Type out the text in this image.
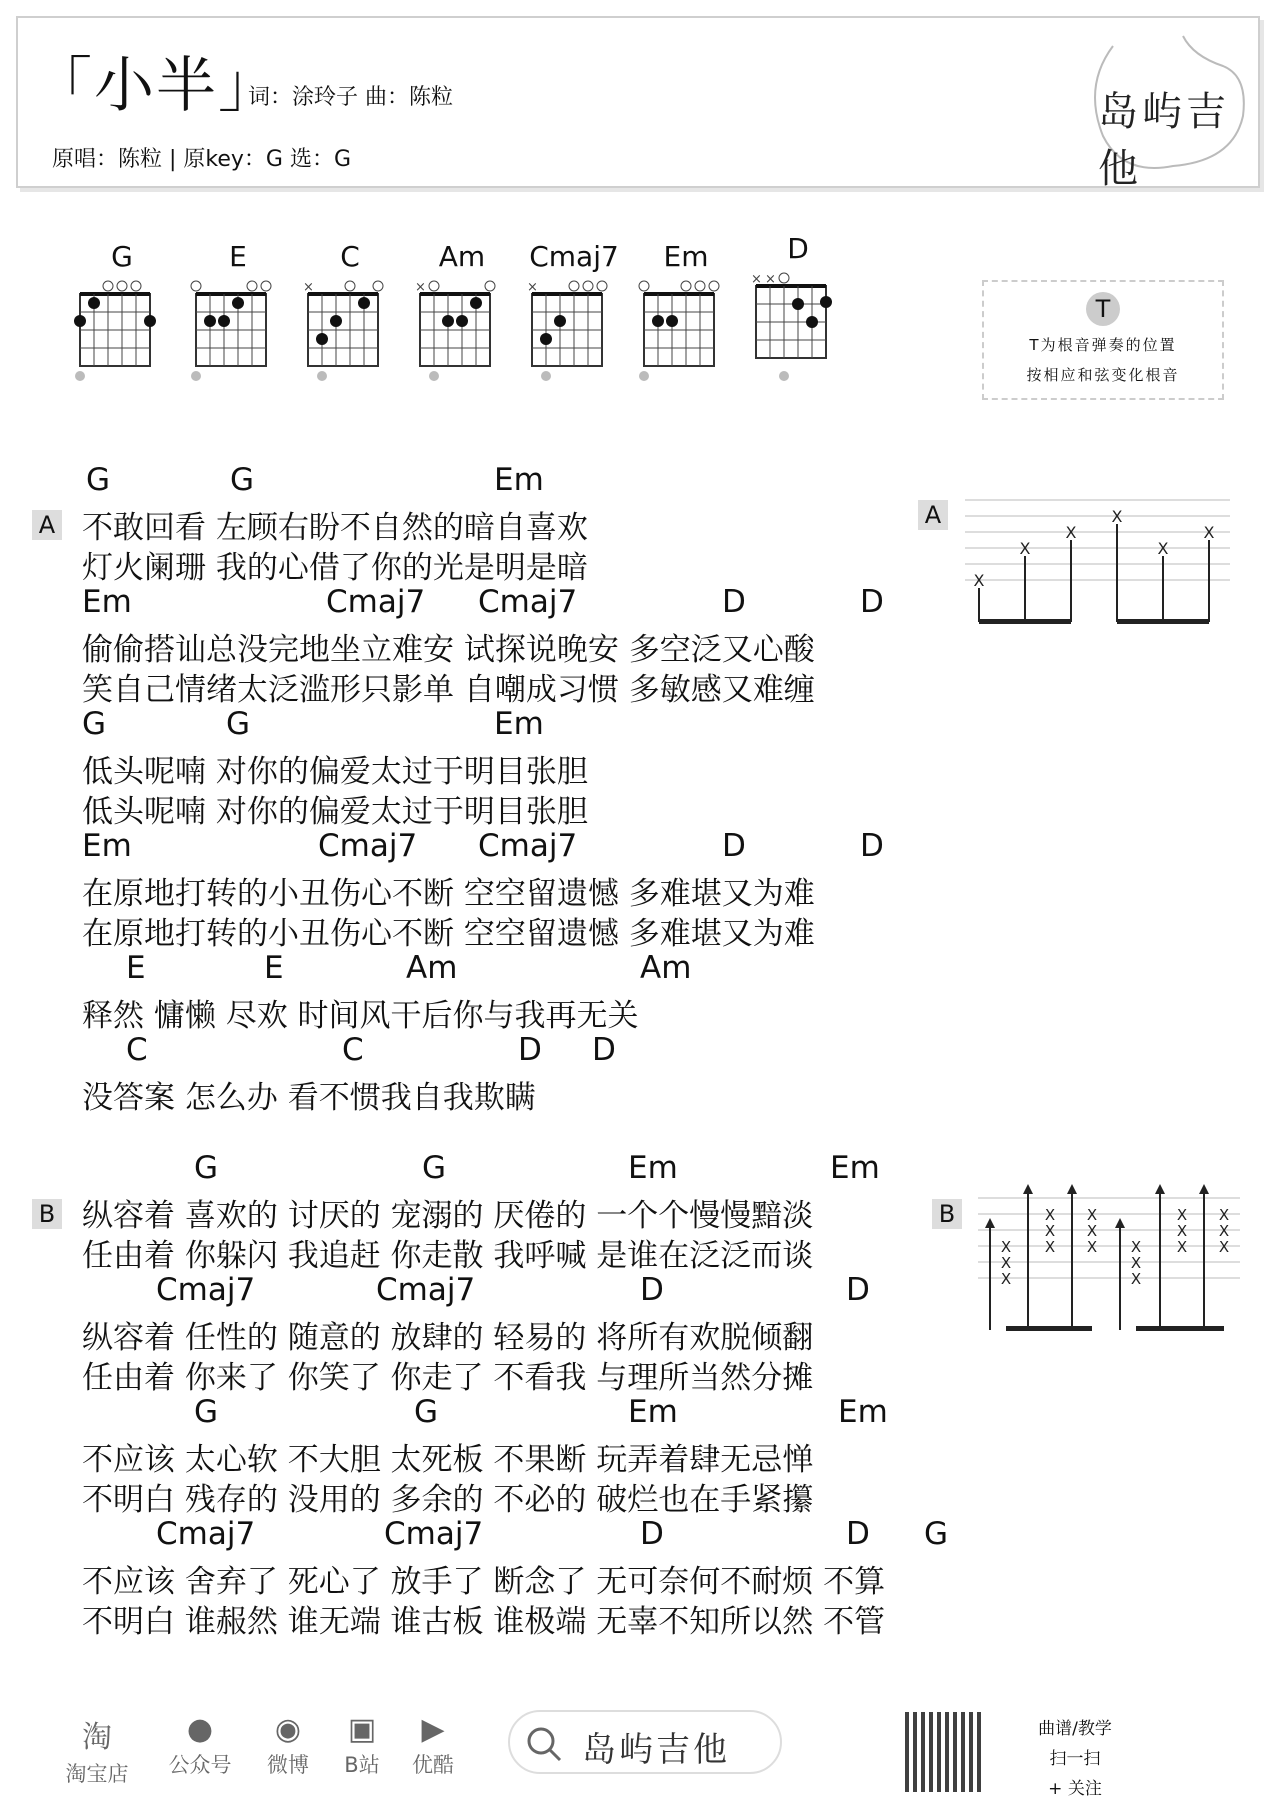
「小半」
词：涂玲子 曲：陈粒
原唱：陈粒 | 原key：G 选：G
岛屿吉他
G	E	C
×
Am
×
Cmaj7
×
Em	D
× ×
T
T为根音弹奏的位置
按相应和弦变化根音
A
G	G	Em
不敢回看 左顾右盼不自然的暗自喜欢
灯火阑珊 我的心借了你的光是明是暗
Em	Cmaj7 Cmaj7	D	D
偷偷搭讪总没完地坐立难安 试探说晚安 多空泛又心酸
笑自己情绪太泛滥形只影单 自嘲成习惯 多敏感又难缠
G	G	Em
低头呢喃 对你的偏爱太过于明目张胆
低头呢喃 对你的偏爱太过于明目张胆
Em	Cmaj7 Cmaj7	D	D
在原地打转的小丑伤心不断 空空留遗憾 多难堪又为难
在原地打转的小丑伤心不断 空空留遗憾 多难堪又为难
E	E	Am	Am
释然 慵懒 尽欢 时间风干后你与我再无关
C	C	D D
没答案 怎么办 看不惯我自我欺瞒
A
X
X
X
X
X
X
B
G	G	Em	Em
纵容着 喜欢的 讨厌的 宠溺的 厌倦的 一个个慢慢黯淡
任由着 你躲闪 我追赶 你走散 我呼喊 是谁在泛泛而谈
Cmaj7	Cmaj7	D	D
纵容着 任性的 随意的 放肆的 轻易的 将所有欢脱倾翻
任由着 你来了 你笑了 你走了 不看我 与理所当然分摊
G	G	Em	Em
不应该 太心软 不大胆 太死板 不果断 玩弄着肆无忌惮
不明白 残存的 没用的 多余的 不必的 破烂也在手紧攥
Cmaj7	Cmaj7	D	D G
不应该 舍弃了 死心了 放手了 断念了 无可奈何不耐烦 不算
不明白 谁赧然 谁无端 谁古板 谁极端 无辜不知所以然 不管
B
X
X
X
X
X
X
X
X
X X
X
X
X
X
X
X
X
X
淘
淘宝店
●
公众号
◉
微博
▣
B站
▶
优酷	岛屿吉他
曲谱/教学
扫一扫
+ 关注
